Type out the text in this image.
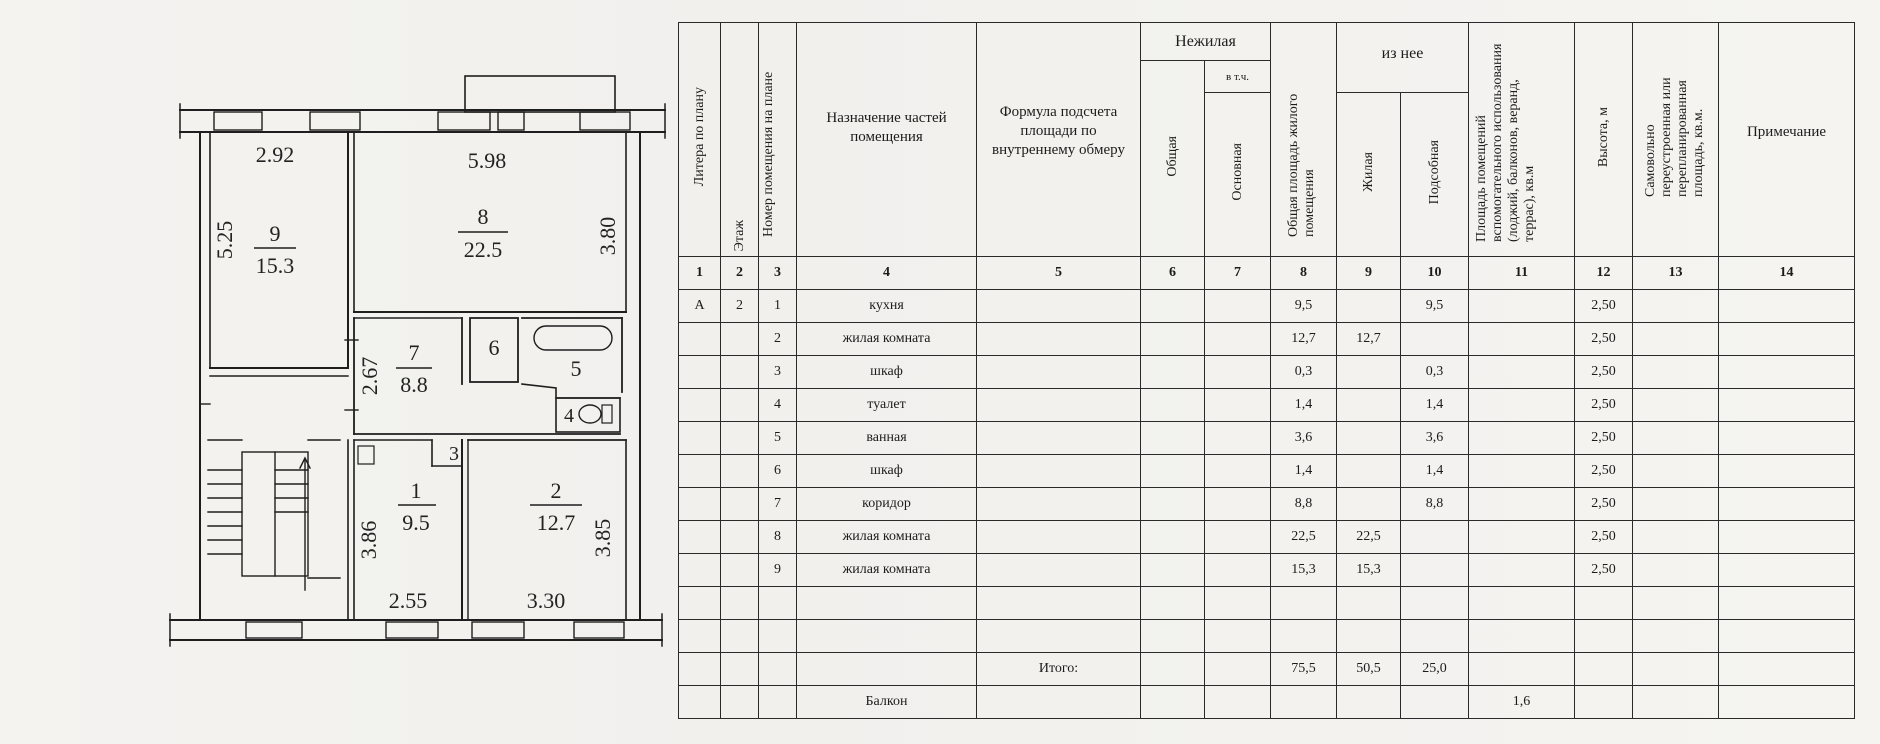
2.92
9
15.3
5.25
5.98
8
22.5	3.80
7
8.8
2.67
6
5
4
3
1
9.5
3.86
2.55
2
12.7 3.85
3.30
Литера по плану	Этаж	Номер помещения на плане	Назначение частей помещения	Формула подсчета площади по внутреннему обмеру	Нежилая		Общая площадь жилого помещения	из нее		Площадь помещений вспомогательного использования (лоджий, балконов, веранд, террас), кв.м	Высота, м	Самовольно переустроенная или перепланированная площадь, кв.м.	Примечание
					Общая	в т.ч.							
						Основная		Жилая	Подсобная				
1	2	3	4	5	6	7	8	9	10	11	12	13	14
А	2	1	кухня				9,5		9,5		2,50		
		2	жилая комната				12,7	12,7			2,50		
		3	шкаф				0,3		0,3		2,50		
		4	туалет				1,4		1,4		2,50		
		5	ванная				3,6		3,6		2,50		
		6	шкаф				1,4		1,4		2,50		
		7	коридор				8,8		8,8		2,50		
		8	жилая комната				22,5	22,5			2,50		
		9	жилая комната				15,3	15,3			2,50		

				Итого:			75,5	50,5	25,0				
			Балкон							1,6			
